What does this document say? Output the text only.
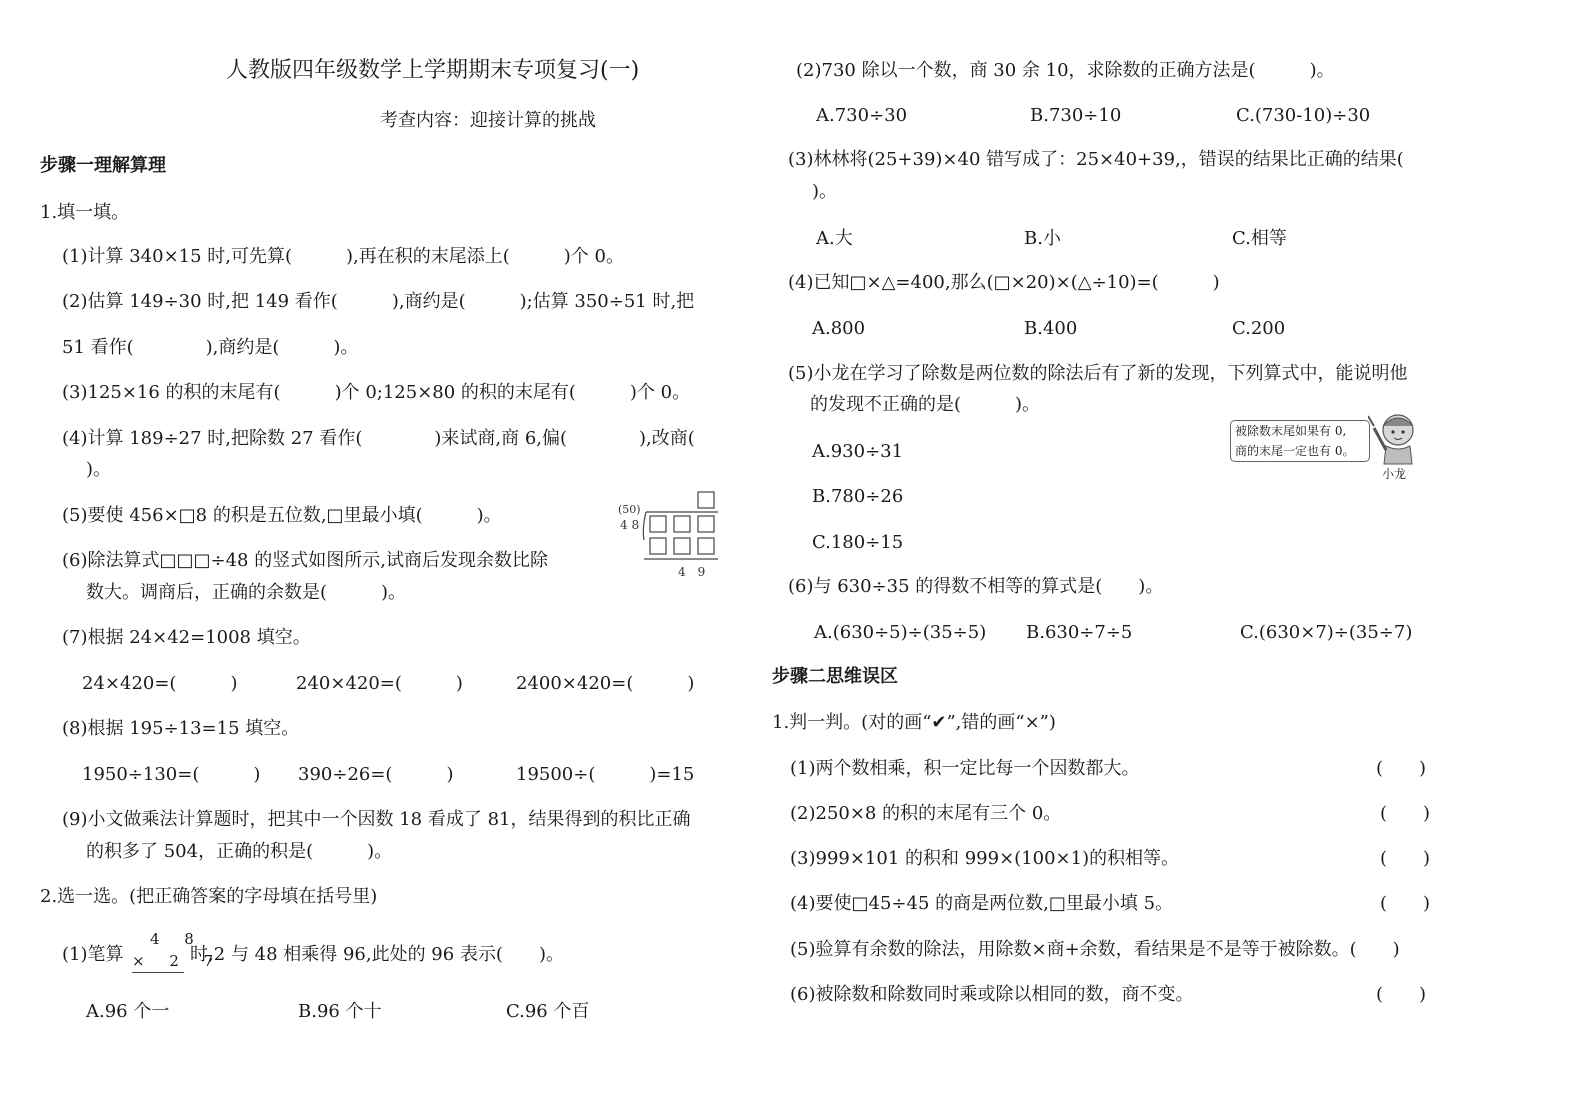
人教版四年级数学上学期期末专项复习(一)
考查内容：迎接计算的挑战
步骤一理解算理
1.填一填。
(1)计算 340×15 时,可先算(　　　),再在积的末尾添上(　　　)个 0。
(2)估算 149÷30 时,把 149 看作(　　　),商约是(　　　);估算 350÷51 时,把
51 看作(　　　　),商约是(　　　)。
(3)125×16 的积的末尾有(　　　)个 0;125×80 的积的末尾有(　　　)个 0。
(4)计算 189÷27 时,把除数 27 看作(　　　　)来试商,商 6,偏(　　　　),改商(
)。
(5)要使 456×□8 的积是五位数,□里最小填(　　　)。
(6)除法算式□□□÷48 的竖式如图所示,试商后发现余数比除
数大。调商后，正确的余数是(　　　)。
(50)
4 8
4　9
(7)根据 24×42=1008 填空。
24×420=(　　　)	240×420=(　　　)	2400×420=(　　　)
(8)根据 195÷13=15 填空。
1950÷130=(　　　) 390÷26=(　　　)	19500÷(　　　)=15
(9)小文做乘法计算题时，把其中一个因数 18 看成了 81，结果得到的积比正确
的积多了 504，正确的积是(　　　)。
2.选一选。(把正确答案的字母填在括号里)
(1)笔算
4 8
× 2 7
时,2 与 48 相乘得 96,此处的 96 表示(　　)。
A.96 个一	B.96 个十	C.96 个百
(2)730 除以一个数，商 30 余 10，求除数的正确方法是(　　　)。
A.730÷30	B.730÷10	C.(730-10)÷30
(3)林林将(25+39)×40 错写成了：25×40+39,，错误的结果比正确的结果(
)。
A.大	B.小	C.相等
(4)已知□×△=400,那么(□×20)×(△÷10)=(　　　)
A.800	B.400	C.200
(5)小龙在学习了除数是两位数的除法后有了新的发现，下列算式中，能说明他
的发现不正确的是(　　　)。
被除数末尾如果有 0,
商的末尾一定也有 0。
小龙
A.930÷31
B.780÷26
C.180÷15
(6)与 630÷35 的得数不相等的算式是(　　)。
A.(630÷5)÷(35÷5) B.630÷7÷5	C.(630×7)÷(35÷7)
步骤二思维误区
1.判一判。(对的画“✔”,错的画“×”)
(1)两个数相乘，积一定比每一个因数都大。	(　　)
(2)250×8 的积的末尾有三个 0。	(　　)
(3)999×101 的积和 999×(100×1)的积相等。	(　　)
(4)要使□45÷45 的商是两位数,□里最小填 5。	(　　)
(5)验算有余数的除法，用除数×商+余数，看结果是不是等于被除数。(　　)
(6)被除数和除数同时乘或除以相同的数，商不变。	(　　)
